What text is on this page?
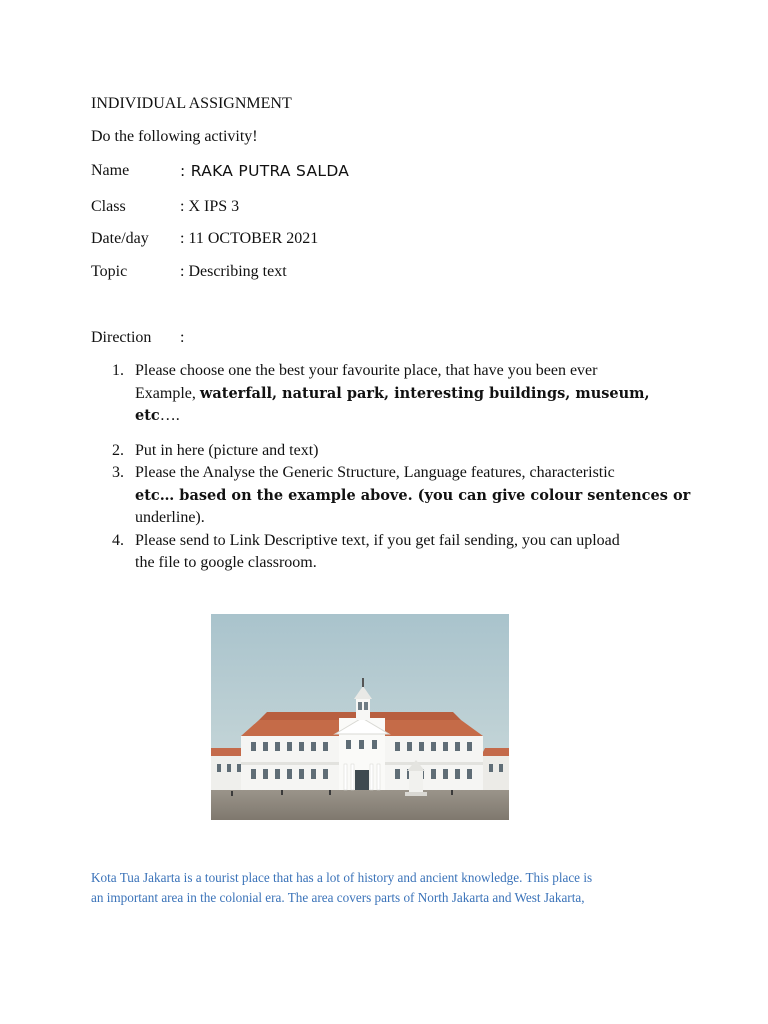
INDIVIDUAL ASSIGNMENT
Do the following activity!
Name	: RAKA PUTRA SALDA
Class	: X IPS 3
Date/day : 11 OCTOBER 2021
Topic	: Describing text
Direction :
1. Please choose one the best your favourite place, that have you been ever
Example, waterfall, natural park, interesting buildings, museum, etc….
2. Put in here (picture and text)
3. Please the Analyse the Generic Structure, Language features, characteristic
etc… based on the example above. (you can give colour sentences or
underline).
4. Please send to Link Descriptive text, if you get fail sending, you can upload
the file to google classroom.
Kota Tua Jakarta is a tourist place that has a lot of history and ancient knowledge. This place is
an important area in the colonial era. The area covers parts of North Jakarta and West Jakarta,
